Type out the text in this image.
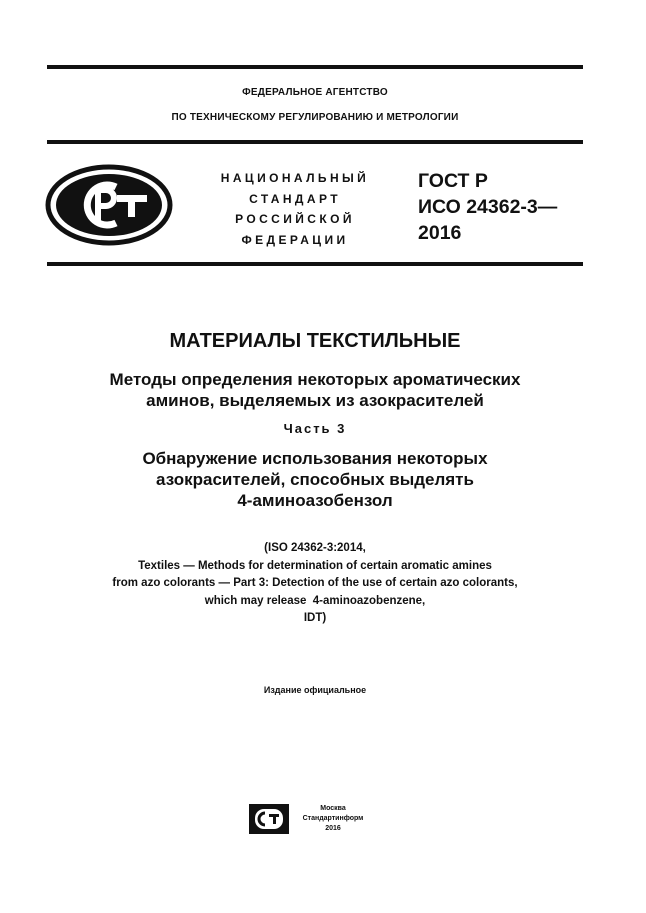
ФЕДЕРАЛЬНОЕ АГЕНТСТВО
ПО ТЕХНИЧЕСКОМУ РЕГУЛИРОВАНИЮ И МЕТРОЛОГИИ
НАЦИОНАЛЬНЫЙ
СТАНДАРТ
РОССИЙСКОЙ
ФЕДЕРАЦИИ
ГОСТ Р
ИСО 24362-3—
2016
МАТЕРИАЛЫ ТЕКСТИЛЬНЫЕ
Методы определения некоторых ароматических
аминов, выделяемых из азокрасителей
Часть 3
Обнаружение использования некоторых
азокрасителей, способных выделять
4-аминоазобензол
(ISO 24362-3:2014,
Textiles — Methods for determination of certain aromatic amines
from azo colorants — Part 3: Detection of the use of certain azo colorants,
which may release  4-aminoazobenzene,
IDT)
Издание официальное
Москва
Стандартинформ
2016
